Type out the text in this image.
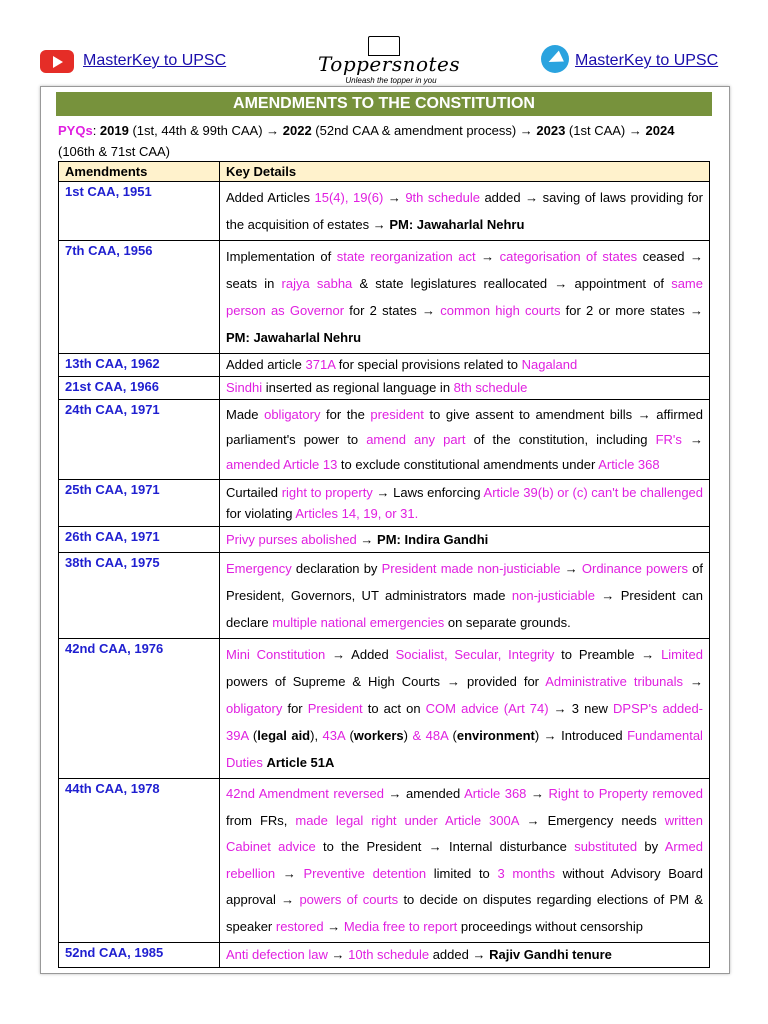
MasterKey to UPSC	Toppersnotes
Unleash the topper in you
MasterKey to UPSC
AMENDMENTS TO THE CONSTITUTION
PYQs: 2019 (1st, 44th & 99th CAA) → 2022 (52nd CAA & amendment process) → 2023 (1st CAA) → 2024 (106th & 71st CAA)
Amendments	Key Details
1st CAA, 1951	Added Articles 15(4), 19(6) → 9th schedule added → saving of laws providing for the acquisition of estates → PM: Jawaharlal Nehru
7th CAA, 1956	Implementation of state reorganization act → categorisation of states ceased → seats in rajya sabha & state legislatures reallocated → appointment of same person as Governor for 2 states → common high courts for 2 or more states → PM: Jawaharlal Nehru
13th CAA, 1962	Added article 371A for special provisions related to Nagaland
21st CAA, 1966	Sindhi inserted as regional language in 8th schedule
24th CAA, 1971	Made obligatory for the president to give assent to amendment bills → affirmed parliament's power to amend any part of the constitution, including FR's → amended Article 13 to exclude constitutional amendments under Article 368
25th CAA, 1971	Curtailed right to property → Laws enforcing Article 39(b) or (c) can't be challenged for violating Articles 14, 19, or 31.
26th CAA, 1971	Privy purses abolished → PM: Indira Gandhi
38th CAA, 1975	Emergency declaration by President made non-justiciable → Ordinance powers of President, Governors, UT administrators made non-justiciable → President can declare multiple national emergencies on separate grounds.
42nd CAA, 1976	Mini Constitution → Added Socialist, Secular, Integrity to Preamble → Limited powers of Supreme & High Courts → provided for Administrative tribunals → obligatory for President to act on COM advice (Art 74) → 3 new DPSP's added- 39A (legal aid), 43A (workers) & 48A (environment) → Introduced Fundamental Duties Article 51A
44th CAA, 1978	42nd Amendment reversed → amended Article 368 → Right to Property removed from FRs, made legal right under Article 300A → Emergency needs written Cabinet advice to the President → Internal disturbance substituted by Armed rebellion → Preventive detention limited to 3 months without Advisory Board approval → powers of courts to decide on disputes regarding elections of PM & speaker restored → Media free to report proceedings without censorship
52nd CAA, 1985	Anti defection law → 10th schedule added → Rajiv Gandhi tenure
